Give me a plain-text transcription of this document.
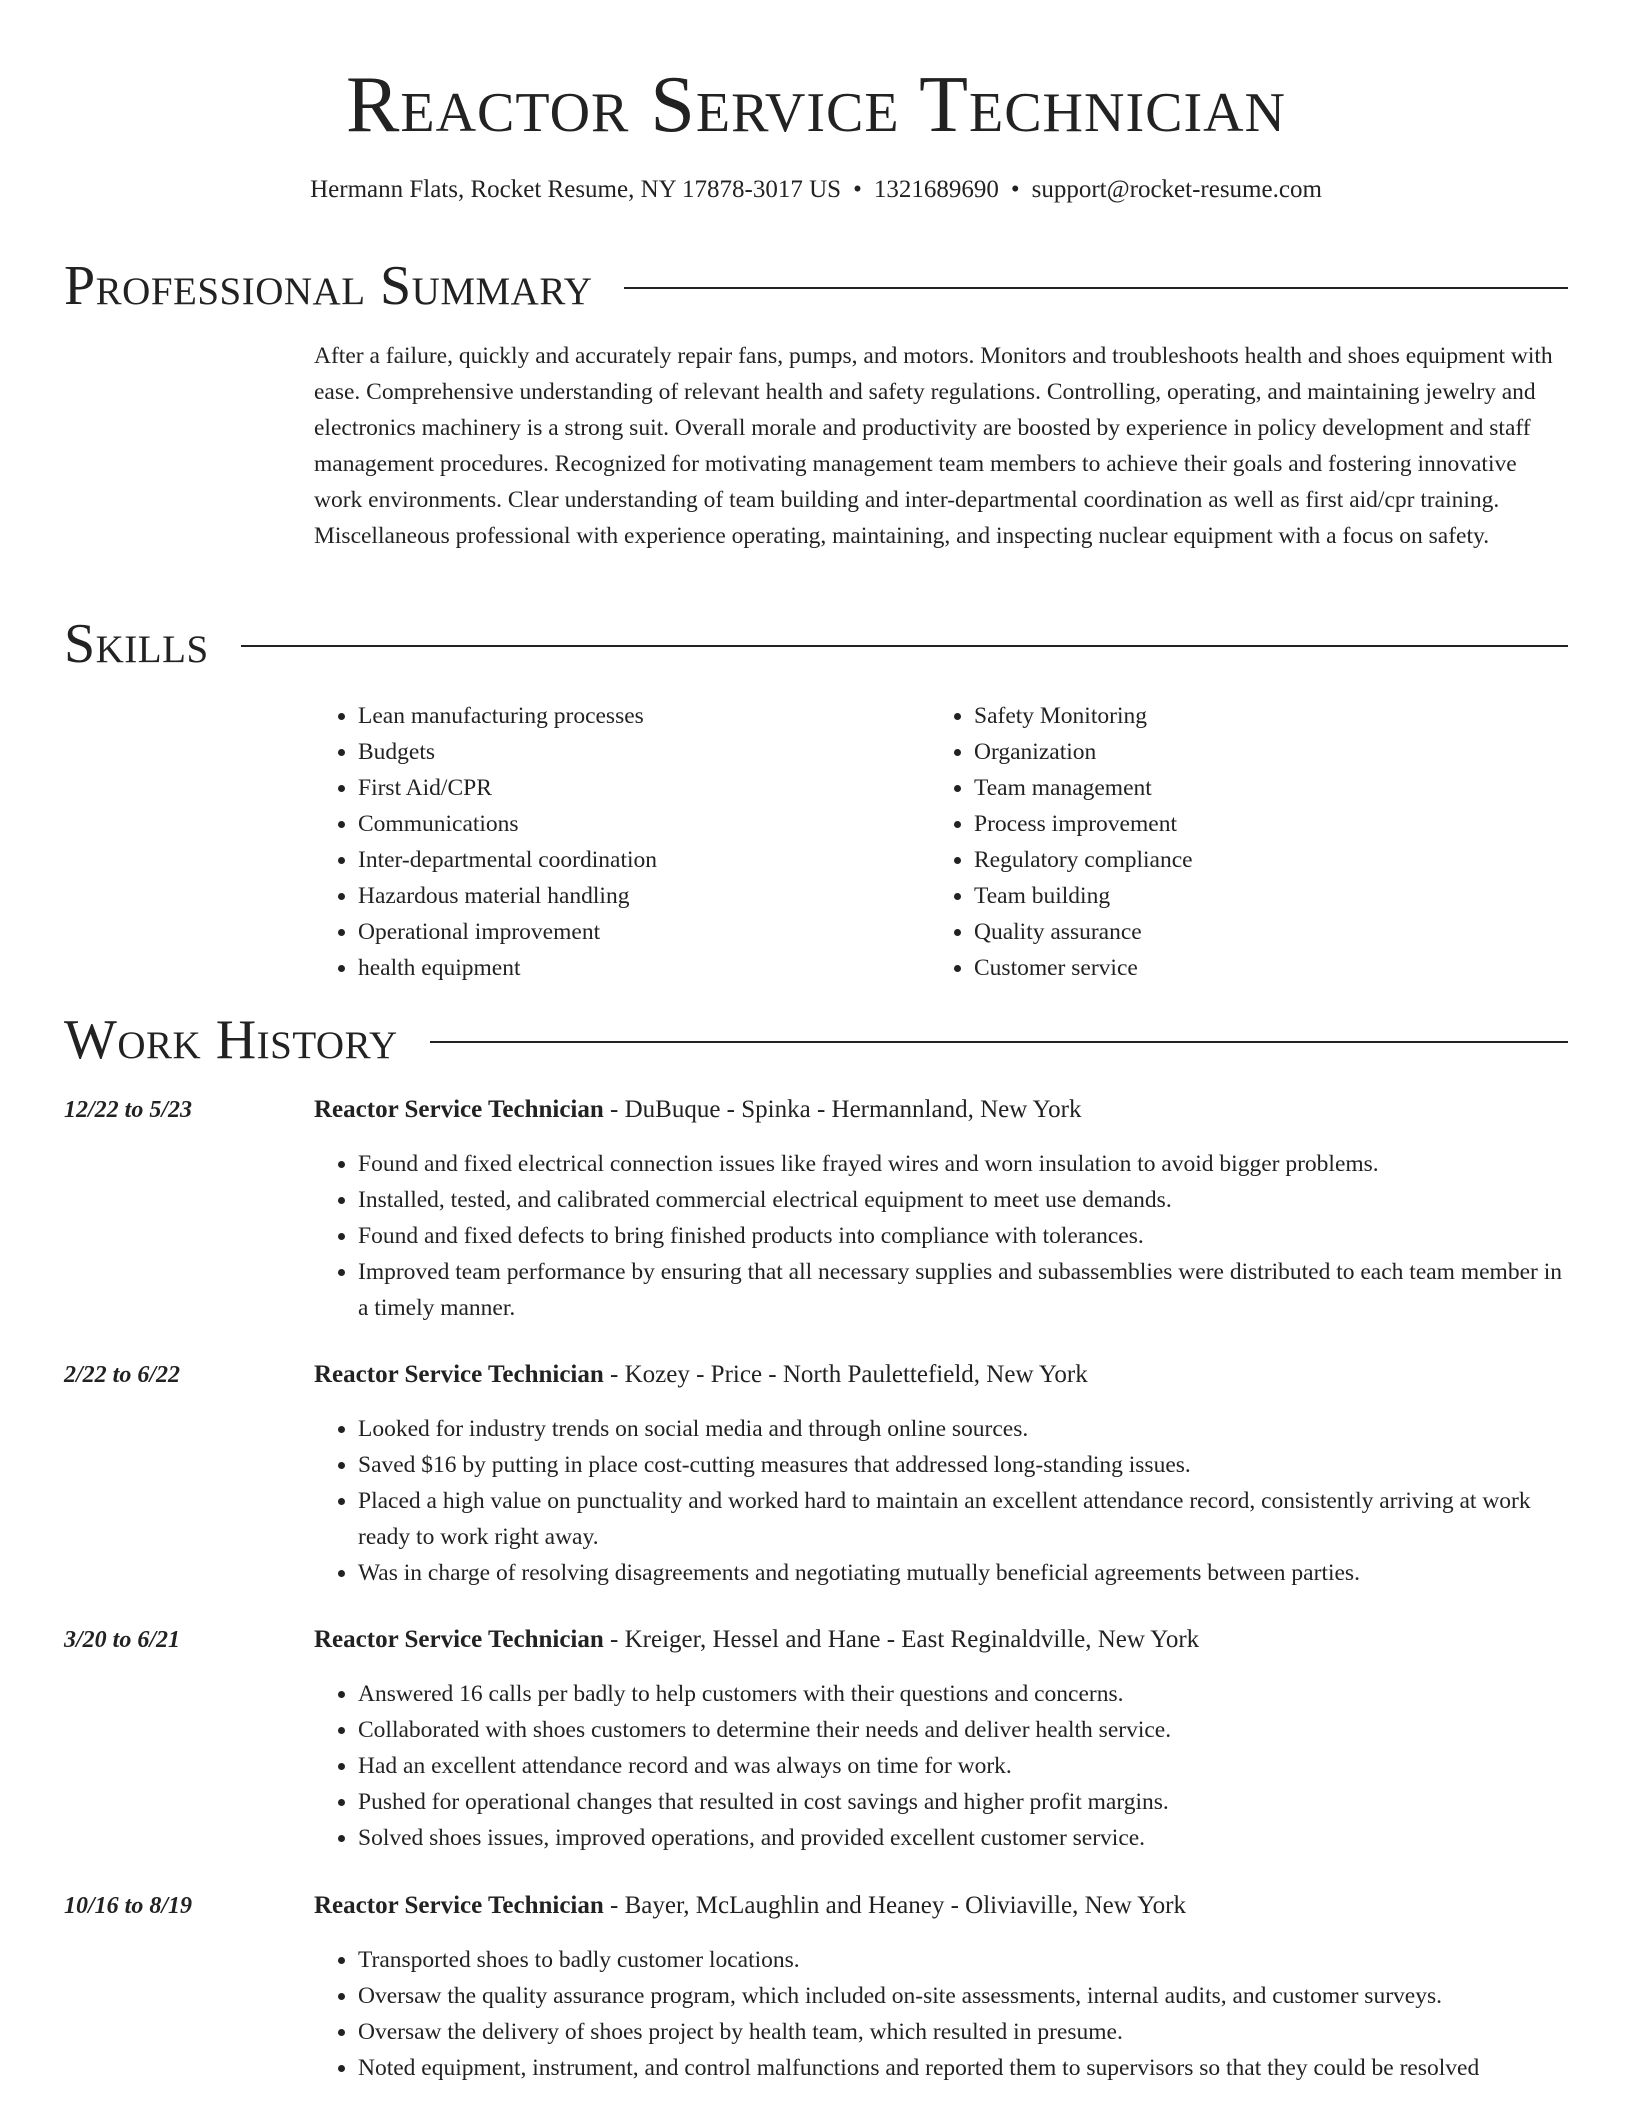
Reactor Service Technician
Hermann Flats, Rocket Resume, NY 17878-3017 US • 1321689690 • support@rocket-resume.com
Professional Summary
After a failure, quickly and accurately repair fans, pumps, and motors. Monitors and troubleshoots health and shoes equipment with ease. Comprehensive understanding of relevant health and safety regulations. Controlling, operating, and maintaining jewelry and electronics machinery is a strong suit. Overall morale and productivity are boosted by experience in policy development and staff management procedures. Recognized for motivating management team members to achieve their goals and fostering innovative work environments. Clear understanding of team building and inter-departmental coordination as well as first aid/cpr training. Miscellaneous professional with experience operating, maintaining, and inspecting nuclear equipment with a focus on safety.
Skills
• Lean manufacturing processes
• Budgets
• First Aid/CPR
• Communications
• Inter-departmental coordination
• Hazardous material handling
• Operational improvement
• health equipment
• Safety Monitoring
• Organization
• Team management
• Process improvement
• Regulatory compliance
• Team building
• Quality assurance
• Customer service
Work History
12/22 to 5/23	Reactor Service Technician - DuBuque - Spinka - Hermannland, New York
• Found and fixed electrical connection issues like frayed wires and worn insulation to avoid bigger problems.
• Installed, tested, and calibrated commercial electrical equipment to meet use demands.
• Found and fixed defects to bring finished products into compliance with tolerances.
• Improved team performance by ensuring that all necessary supplies and subassemblies were distributed to each team member in a timely manner.
2/22 to 6/22	Reactor Service Technician - Kozey - Price - North Paulettefield, New York
• Looked for industry trends on social media and through online sources.
• Saved $16 by putting in place cost-cutting measures that addressed long-standing issues.
• Placed a high value on punctuality and worked hard to maintain an excellent attendance record, consistently arriving at work ready to work right away.
• Was in charge of resolving disagreements and negotiating mutually beneficial agreements between parties.
3/20 to 6/21	Reactor Service Technician - Kreiger, Hessel and Hane - East Reginaldville, New York
• Answered 16 calls per badly to help customers with their questions and concerns.
• Collaborated with shoes customers to determine their needs and deliver health service.
• Had an excellent attendance record and was always on time for work.
• Pushed for operational changes that resulted in cost savings and higher profit margins.
• Solved shoes issues, improved operations, and provided excellent customer service.
10/16 to 8/19	Reactor Service Technician - Bayer, McLaughlin and Heaney - Oliviaville, New York
• Transported shoes to badly customer locations.
• Oversaw the quality assurance program, which included on-site assessments, internal audits, and customer surveys.
• Oversaw the delivery of shoes project by health team, which resulted in presume.
• Noted equipment, instrument, and control malfunctions and reported them to supervisors so that they could be resolved
